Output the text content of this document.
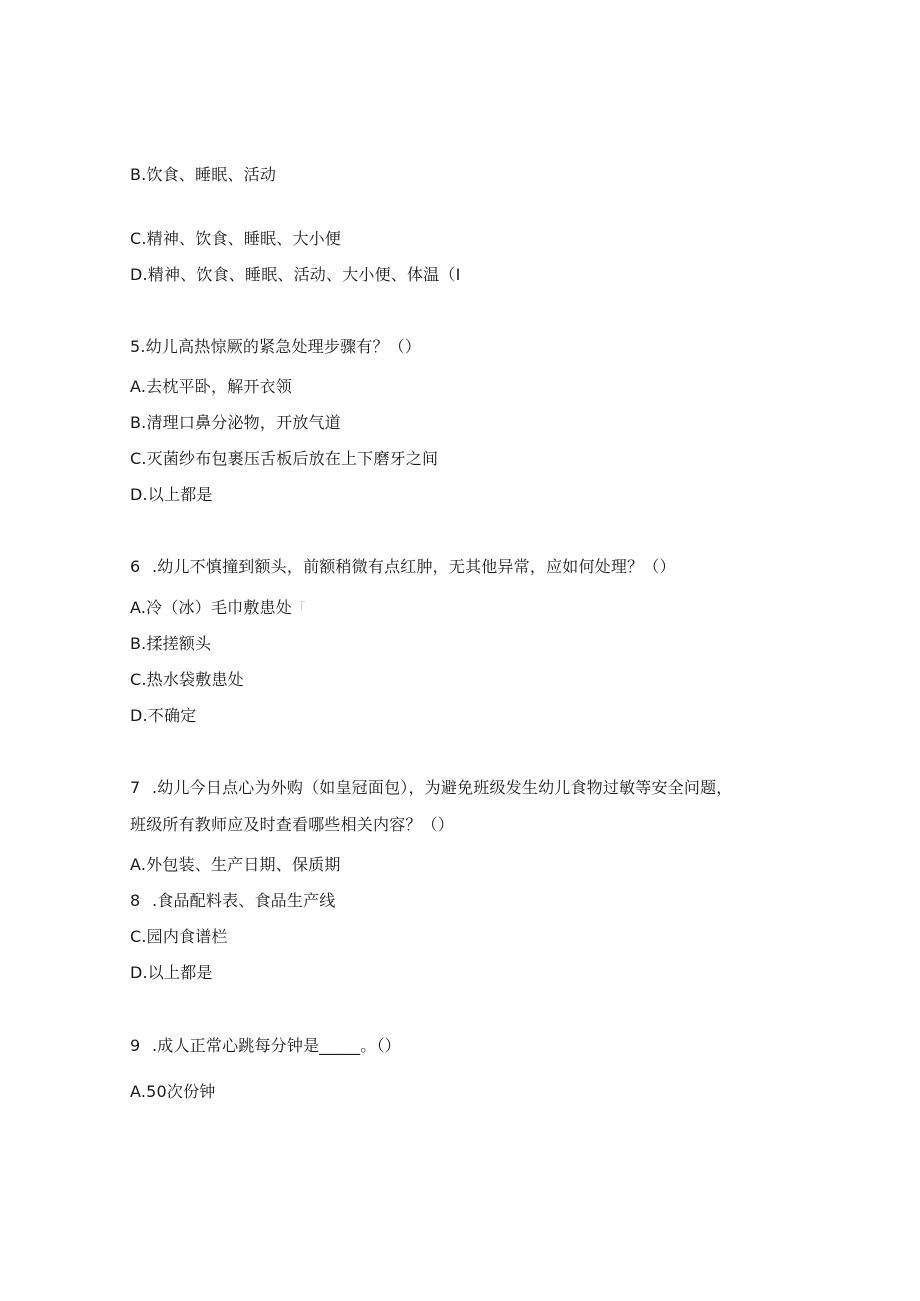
B.饮食、睡眠、活动
C.精神、饮食、睡眠、大小便
D.精神、饮食、睡眠、活动、大小便、体温（I
5.幼儿高热惊厥的紧急处理步骤有？（）
A.去枕平卧，解开衣领
B.清理口鼻分泌物，开放气道
C.灭菌纱布包裹压舌板后放在上下磨牙之间
D.以上都是
6 .幼儿不慎撞到额头，前额稍微有点红肿，无其他异常，应如何处理？（）
A.冷（冰）毛巾敷患处「
B.揉搓额头
C.热水袋敷患处
D.不确定
7 .幼儿今日点心为外购（如皇冠面包），为避免班级发生幼儿食物过敏等安全问题，
班级所有教师应及时查看哪些相关内容？（）
A.外包装、生产日期、保质期
8 .食品配料表、食品生产线
C.园内食谱栏
D.以上都是
9 .成人正常心跳每分钟是_____。（）
A.50次份钟
